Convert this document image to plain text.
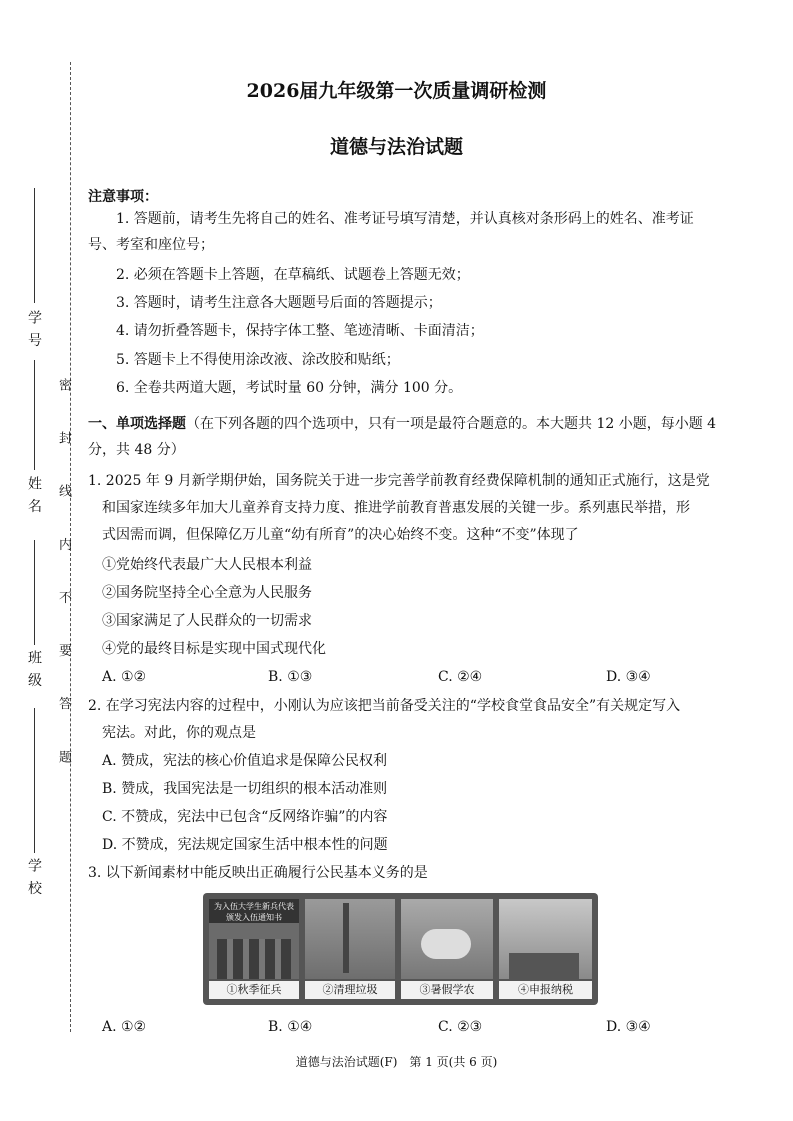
学 号
姓 名
班 级
学 校
密 封 线 内 不 要 答 题
2026届九年级第一次质量调研检测
道德与法治试题
注意事项：
1. 答题前，请考生先将自己的姓名、准考证号填写清楚，并认真核对条形码上的姓名、准考证
号、考室和座位号；
2. 必须在答题卡上答题，在草稿纸、试题卷上答题无效；
3. 答题时，请考生注意各大题题号后面的答题提示；
4. 请勿折叠答题卡，保持字体工整、笔迹清晰、卡面清洁；
5. 答题卡上不得使用涂改液、涂改胶和贴纸；
6. 全卷共两道大题，考试时量 60 分钟，满分 100 分。
一、单项选择题（在下列各题的四个选项中，只有一项是最符合题意的。本大题共 12 小题，每小题 4
分，共 48 分）
1. 2025 年 9 月新学期伊始，国务院关于进一步完善学前教育经费保障机制的通知正式施行，这是党
和国家连续多年加大儿童养育支持力度、推进学前教育普惠发展的关键一步。系列惠民举措，形
式因需而调，但保障亿万儿童“幼有所育”的决心始终不变。这种“不变”体现了
①党始终代表最广大人民根本利益
②国务院坚持全心全意为人民服务
③国家满足了人民群众的一切需求
④党的最终目标是实现中国式现代化
A. ①②	B. ①③	C. ②④	D. ③④
2. 在学习宪法内容的过程中，小刚认为应该把当前备受关注的“学校食堂食品安全”有关规定写入
宪法。对此，你的观点是
A. 赞成，宪法的核心价值追求是保障公民权利
B. 赞成，我国宪法是一切组织的根本活动准则
C. 不赞成，宪法中已包含“反网络诈骗”的内容
D. 不赞成，宪法规定国家生活中根本性的问题
3. 以下新闻素材中能反映出正确履行公民基本义务的是
为入伍大学生新兵代表 颁发入伍通知书
①秋季征兵	②清理垃圾	③暑假学农	④申报纳税
A. ①②	B. ①④	C. ②③	D. ③④
道德与法治试题(F)　第 1 页(共 6 页)
